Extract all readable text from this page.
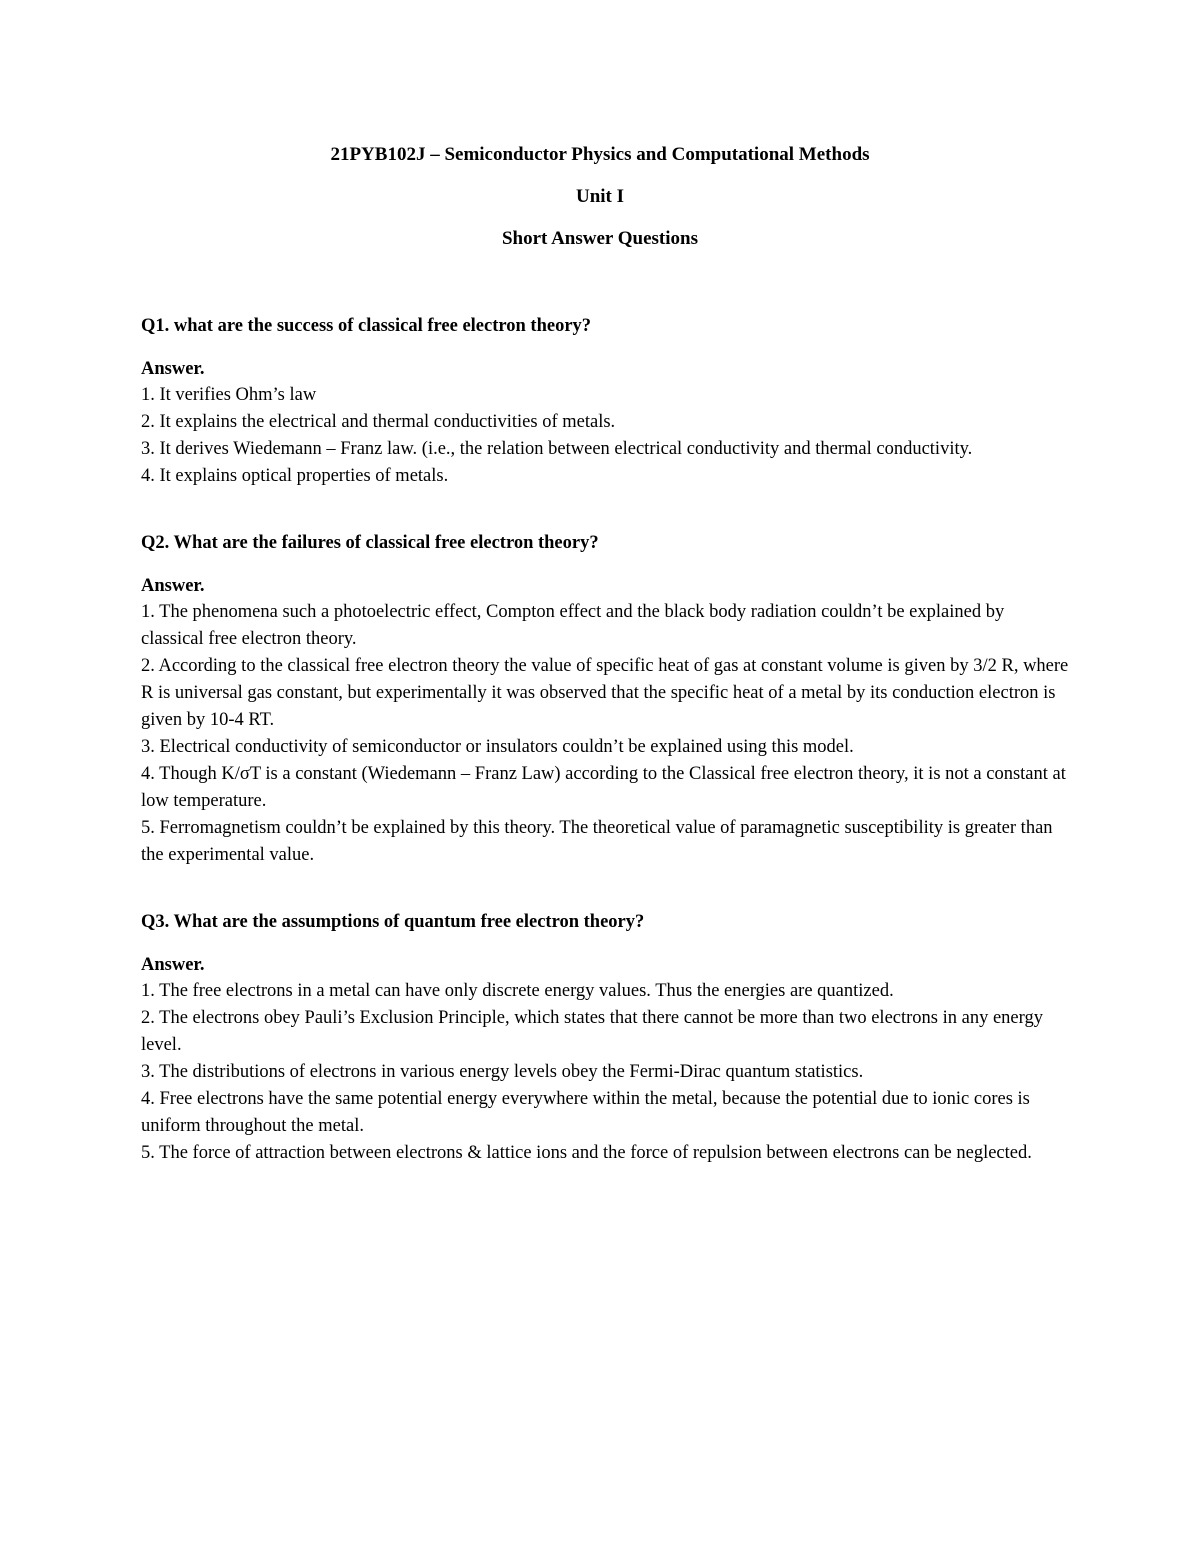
21PYB102J – Semiconductor Physics and Computational Methods
Unit I
Short Answer Questions

Q1. what are the success of classical free electron theory?

Answer.

1. It verifies Ohm’s law

2. It explains the electrical and thermal conductivities of metals.

3. It derives Wiedemann – Franz law. (i.e., the relation between electrical conductivity and thermal conductivity.

4. It explains optical properties of metals.

Q2. What are the failures of classical free electron theory?

Answer.

1. The phenomena such a photoelectric effect, Compton effect and the black body radiation couldn’t be explained by classical free electron theory.

2. According to the classical free electron theory the value of specific heat of gas at constant volume is given by 3/2 R, where R is universal gas constant, but experimentally it was observed that the specific heat of a metal by its conduction electron is given by 10-4 RT.

3. Electrical conductivity of semiconductor or insulators couldn’t be explained using this model.

4. Though K/σT is a constant (Wiedemann – Franz Law) according to the Classical free electron theory, it is not a constant at low temperature.

5. Ferromagnetism couldn’t be explained by this theory. The theoretical value of paramagnetic susceptibility is greater than the experimental value.

Q3. What are the assumptions of quantum free electron theory?

Answer.

1. The free electrons in a metal can have only discrete energy values. Thus the energies are quantized.

2. The electrons obey Pauli’s Exclusion Principle, which states that there cannot be more than two electrons in any energy level.

3. The distributions of electrons in various energy levels obey the Fermi-Dirac quantum statistics.

4. Free electrons have the same potential energy everywhere within the metal, because the potential due to ionic cores is uniform throughout the metal.

5. The force of attraction between electrons & lattice ions and the force of repulsion between electrons can be neglected.
